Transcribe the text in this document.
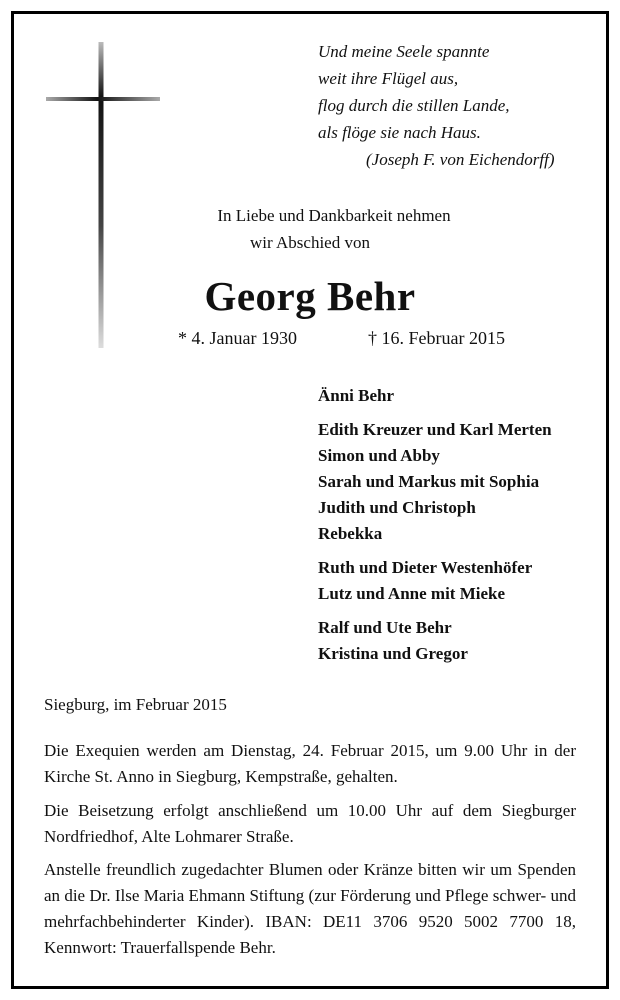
Und meine Seele spannte
weit ihre Flügel aus,
flog durch die stillen Lande,
als flöge sie nach Haus.
(Joseph F. von Eichendorff)
In Liebe und Dankbarkeit nehmen
wir Abschied von
Georg Behr
* 4. Januar 1930	† 16. Februar 2015
Änni Behr
Edith Kreuzer und Karl Merten
Simon und Abby
Sarah und Markus mit Sophia
Judith und Christoph
Rebekka
Ruth und Dieter Westenhöfer
Lutz und Anne mit Mieke
Ralf und Ute Behr
Kristina und Gregor
Siegburg, im Februar 2015
Die Exequien werden am Dienstag, 24. Februar 2015, um 9.00 Uhr in der Kirche St. Anno in Siegburg, Kempstraße, gehalten.
Die Beisetzung erfolgt anschließend um 10.00 Uhr auf dem Siegburger Nordfriedhof, Alte Lohmarer Straße.
Anstelle freundlich zugedachter Blumen oder Kränze bitten wir um Spenden an die Dr. Ilse Maria Ehmann Stiftung (zur Förderung und Pflege schwer- und mehrfachbehinderter Kinder). IBAN: DE11 3706 9520 5002 7700 18, Kennwort: Trauerfallspende Behr.
